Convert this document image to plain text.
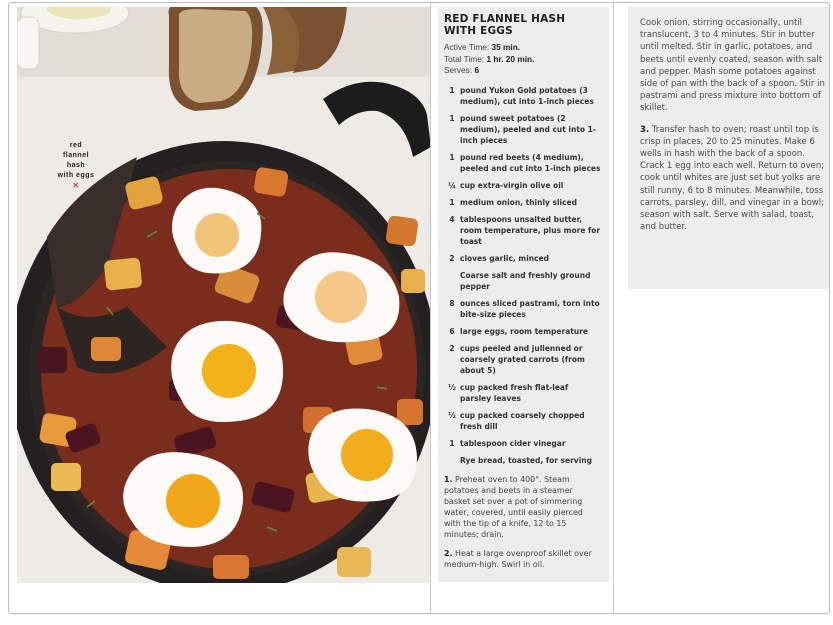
red
flannel
hash
with eggs
✕
RED FLANNEL HASH
WITH EGGS
Active Time: 35 min.
Total Time: 1 hr. 20 min.
Serves: 6
1 pound Yukon Gold potatoes (3 medium), cut into 1-inch pieces
1 pound sweet potatoes (2 medium), peeled and cut into 1-inch pieces
1 pound red beets (4 medium), peeled and cut into 1-inch pieces
¼ cup extra-virgin olive oil
1 medium onion, thinly sliced
4 tablespoons unsalted butter, room temperature, plus more for toast
2 cloves garlic, minced
Coarse salt and freshly ground pepper
8 ounces sliced pastrami, torn into bite-size pieces
6 large eggs, room temperature
2 cups peeled and julienned or coarsely grated carrots (from about 5)
½ cup packed fresh flat-leaf parsley leaves
½ cup packed coarsely chopped fresh dill
1 tablespoon cider vinegar
Rye bread, toasted, for serving

1. Preheat oven to 400°. Steam potatoes and beets in a steamer basket set over a pot of simmering water, covered, until easily pierced with the tip of a knife, 12 to 15 minutes; drain.

2. Heat a large ovenproof skillet over medium-high. Swirl in oil.

Cook onion, stirring occasionally, until translucent, 3 to 4 minutes. Stir in butter until melted. Stir in garlic, potatoes, and beets until evenly coated; season with salt and pepper. Mash some potatoes against side of pan with the back of a spoon. Stir in pastrami and press mixture into bottom of skillet.

3. Transfer hash to oven; roast until top is crisp in places, 20 to 25 minutes. Make 6 wells in hash with the back of a spoon. Crack 1 egg into each well. Return to oven; cook until whites are just set but yolks are still runny, 6 to 8 minutes. Meanwhile, toss carrots, parsley, dill, and vinegar in a bowl; season with salt. Serve with salad, toast, and butter.
